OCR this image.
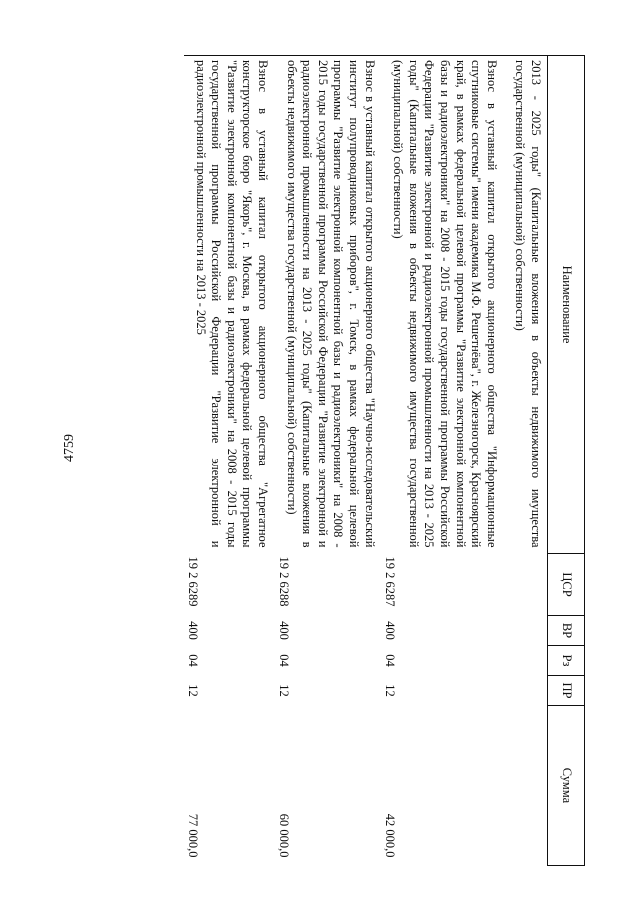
4759
Наименование	ЦСР	ВР	Рз	ПР	Сумма
2013 - 2025 годы" (Капитальные вложения в объекты недвижимого имущества государственной (муниципальной) собственности)					
Взнос в уставный капитал открытого акционерного общества "Информационные спутниковые системы" имени академика М.Ф. Решетнёва", г. Железногорск, Красноярский край, в рамках федеральной целевой программы "Развитие электронной компонентной базы и радиоэлектроники" на 2008 - 2015 годы государственной программы Российской Федерации "Развитие электронной и радиоэлектронной промышленности на 2013 - 2025 годы" (Капитальные вложения в объекты недвижимого имущества государственной (муниципальной) собственности)	19 2 6287	400	04	12	42 000,0
Взнос в уставный капитал открытого акционерного общества "Научно-исследовательский институт полупроводниковых приборов", г. Томск, в рамках федеральной целевой программы "Развитие электронной компонентной базы и радиоэлектроники" на 2008 - 2015 годы государственной программы Российской Федерации "Развитие электронной и радиоэлектронной промышленности на 2013 - 2025 годы" (Капитальные вложения в объекты недвижимого имущества государственной (муниципальной) собственности)	19 2 6288	400	04	12	60 000,0
Взнос в уставный капитал открытого акционерного общества "Агрегатное конструкторское бюро "Якорь", г. Москва, в рамках федеральной целевой программы "Развитие электронной компонентной базы и радиоэлектроники" на 2008 - 2015 годы государственной программы Российской Федерации "Развитие электронной и радиоэлектронной промышленности на 2013 - 2025	19 2 6289	400	04	12	77 000,0
